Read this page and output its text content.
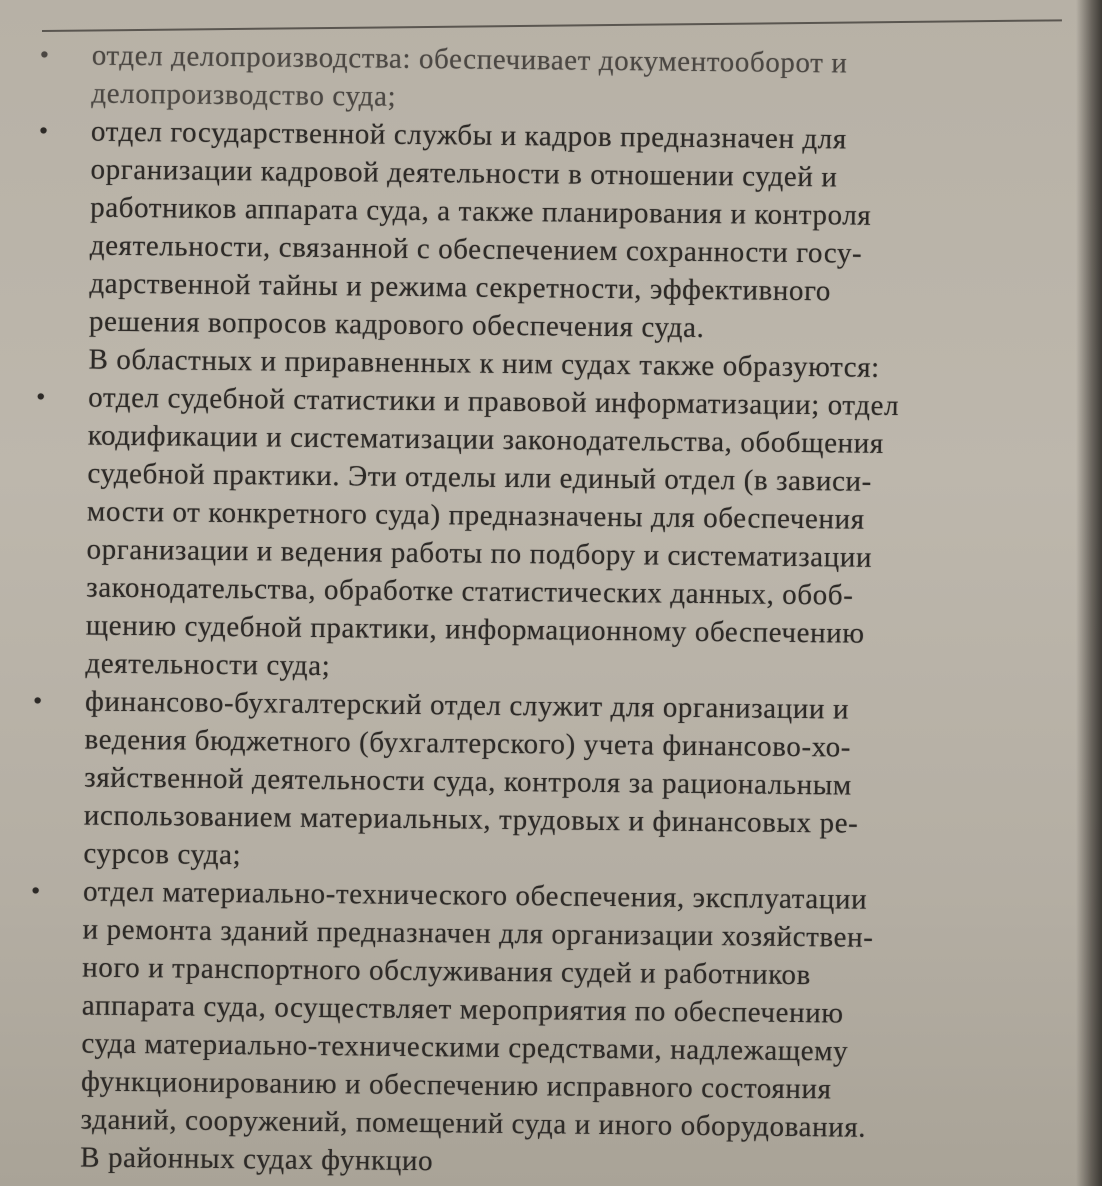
•	отдел делопроизводства: обеспечивает документооборот и
делопроизводство суда;
•	отдел государственной службы и кадров предназначен для
организации кадровой деятельности в отношении судей и
работников аппарата суда, а также планирования и контроля
деятельности, связанной с обеспечением сохранности госу-
дарственной тайны и режима секретности, эффективного
решения вопросов кадрового обеспечения суда.
В областных и приравненных к ним судах также образуются:
•	отдел судебной статистики и правовой информатизации; отдел
кодификации и систематизации законодательства, обобщения
судебной практики. Эти отделы или единый отдел (в зависи-
мости от конкретного суда) предназначены для обеспечения
организации и ведения работы по подбору и систематизации
законодательства, обработке статистических данных, обоб-
щению судебной практики, информационному обеспечению
деятельности суда;
•	финансово-бухгалтерский отдел служит для организации и
ведения бюджетного (бухгалтерского) учета финансово-хо-
зяйственной деятельности суда, контроля за рациональным
использованием материальных, трудовых и финансовых ре-
сурсов суда;
•	отдел материально-технического обеспечения, эксплуатации
и ремонта зданий предназначен для организации хозяйствен-
ного и транспортного обслуживания судей и работников
аппарата суда, осуществляет мероприятия по обеспечению
суда материально-техническими средствами, надлежащему
функционированию и обеспечению исправного состояния
зданий, сооружений, помещений суда и иного оборудования.
В районных судах функцио
